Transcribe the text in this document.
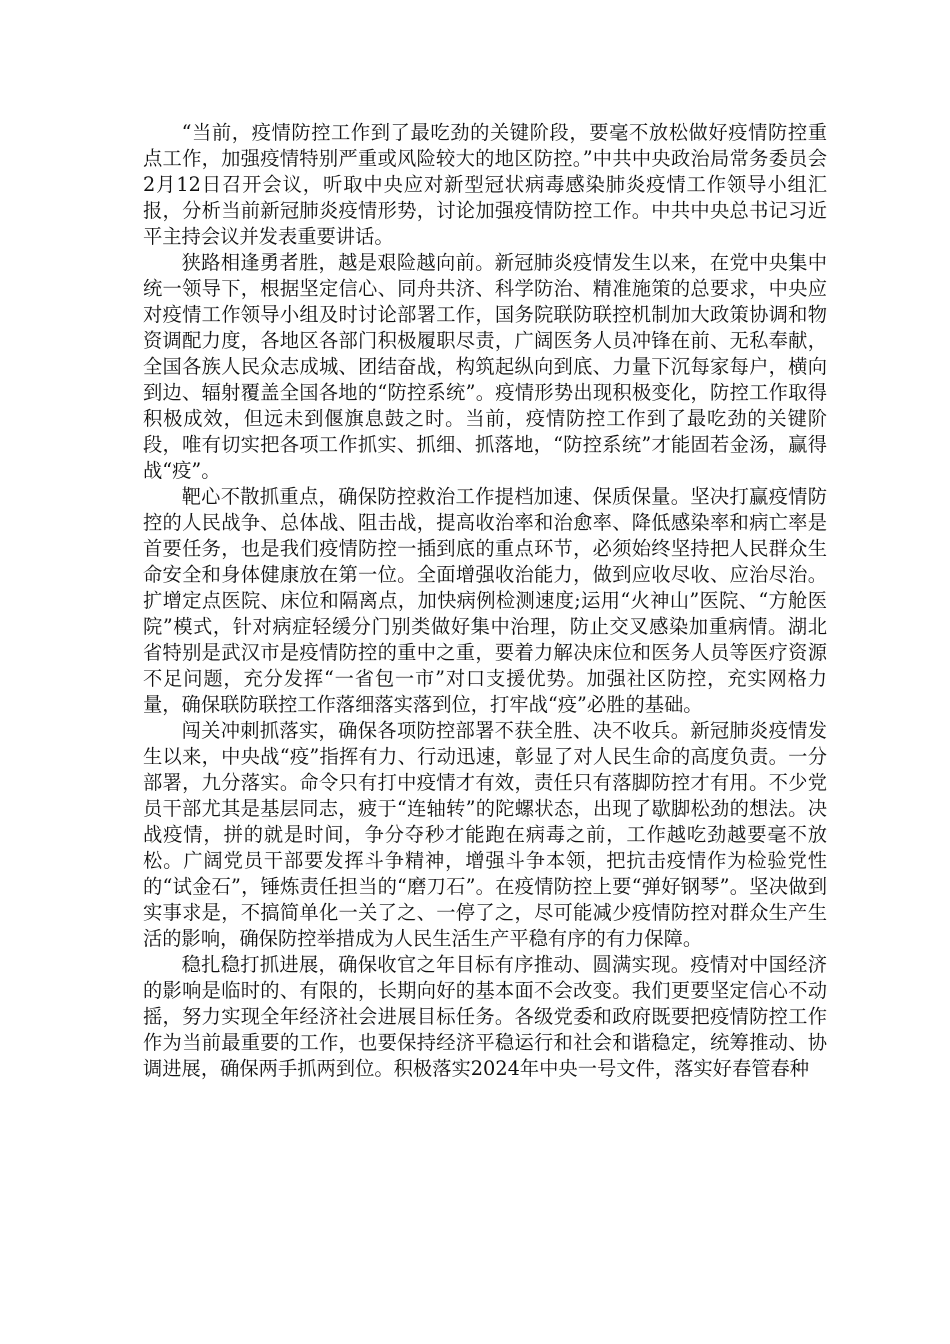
“当前，疫情防控工作到了最吃劲的关键阶段，要毫不放松做好疫情防控重点工作，加强疫情特别严重或风险较大的地区防控。”中共中央政治局常务委员会2月12日召开会议，听取中央应对新型冠状病毒感染肺炎疫情工作领导小组汇报，分析当前新冠肺炎疫情形势，讨论加强疫情防控工作。中共中央总书记习近平主持会议并发表重要讲话。

狭路相逢勇者胜，越是艰险越向前。新冠肺炎疫情发生以来，在党中央集中统一领导下，根据坚定信心、同舟共济、科学防治、精准施策的总要求，中央应对疫情工作领导小组及时讨论部署工作，国务院联防联控机制加大政策协调和物资调配力度，各地区各部门积极履职尽责，广阔医务人员冲锋在前、无私奉献，全国各族人民众志成城、团结奋战，构筑起纵向到底、力量下沉每家每户，横向到边、辐射覆盖全国各地的“防控系统”。疫情形势出现积极变化，防控工作取得积极成效，但远未到偃旗息鼓之时。当前，疫情防控工作到了最吃劲的关键阶段，唯有切实把各项工作抓实、抓细、抓落地，“防控系统”才能固若金汤，赢得战“疫”。

靶心不散抓重点，确保防控救治工作提档加速、保质保量。坚决打赢疫情防控的人民战争、总体战、阻击战，提高收治率和治愈率、降低感染率和病亡率是首要任务，也是我们疫情防控一插到底的重点环节，必须始终坚持把人民群众生命安全和身体健康放在第一位。全面增强收治能力，做到应收尽收、应治尽治。扩增定点医院、床位和隔离点，加快病例检测速度;运用“火神山”医院、“方舱医院”模式，针对病症轻缓分门别类做好集中治理，防止交叉感染加重病情。湖北省特别是武汉市是疫情防控的重中之重，要着力解决床位和医务人员等医疗资源不足问题，充分发挥“一省包一市”对口支援优势。加强社区防控，充实网格力量，确保联防联控工作落细落实落到位，打牢战“疫”必胜的基础。

闯关冲刺抓落实，确保各项防控部署不获全胜、决不收兵。新冠肺炎疫情发生以来，中央战“疫”指挥有力、行动迅速，彰显了对人民生命的高度负责。一分部署，九分落实。命令只有打中疫情才有效，责任只有落脚防控才有用。不少党员干部尤其是基层同志，疲于“连轴转”的陀螺状态，出现了歇脚松劲的想法。决战疫情，拼的就是时间，争分夺秒才能跑在病毒之前，工作越吃劲越要毫不放松。广阔党员干部要发挥斗争精神，增强斗争本领，把抗击疫情作为检验党性的“试金石”，锤炼责任担当的“磨刀石”。在疫情防控上要“弹好钢琴”。坚决做到实事求是，不搞简单化一关了之、一停了之，尽可能减少疫情防控对群众生产生活的影响，确保防控举措成为人民生活生产平稳有序的有力保障。

稳扎稳打抓进展，确保收官之年目标有序推动、圆满实现。疫情对中国经济的影响是临时的、有限的，长期向好的基本面不会改变。我们更要坚定信心不动摇，努力实现全年经济社会进展目标任务。各级党委和政府既要把疫情防控工作作为当前最重要的工作，也要保持经济平稳运行和社会和谐稳定，统筹推动、协调进展，确保两手抓两到位。积极落实2024年中央一号文件，落实好春管春种
